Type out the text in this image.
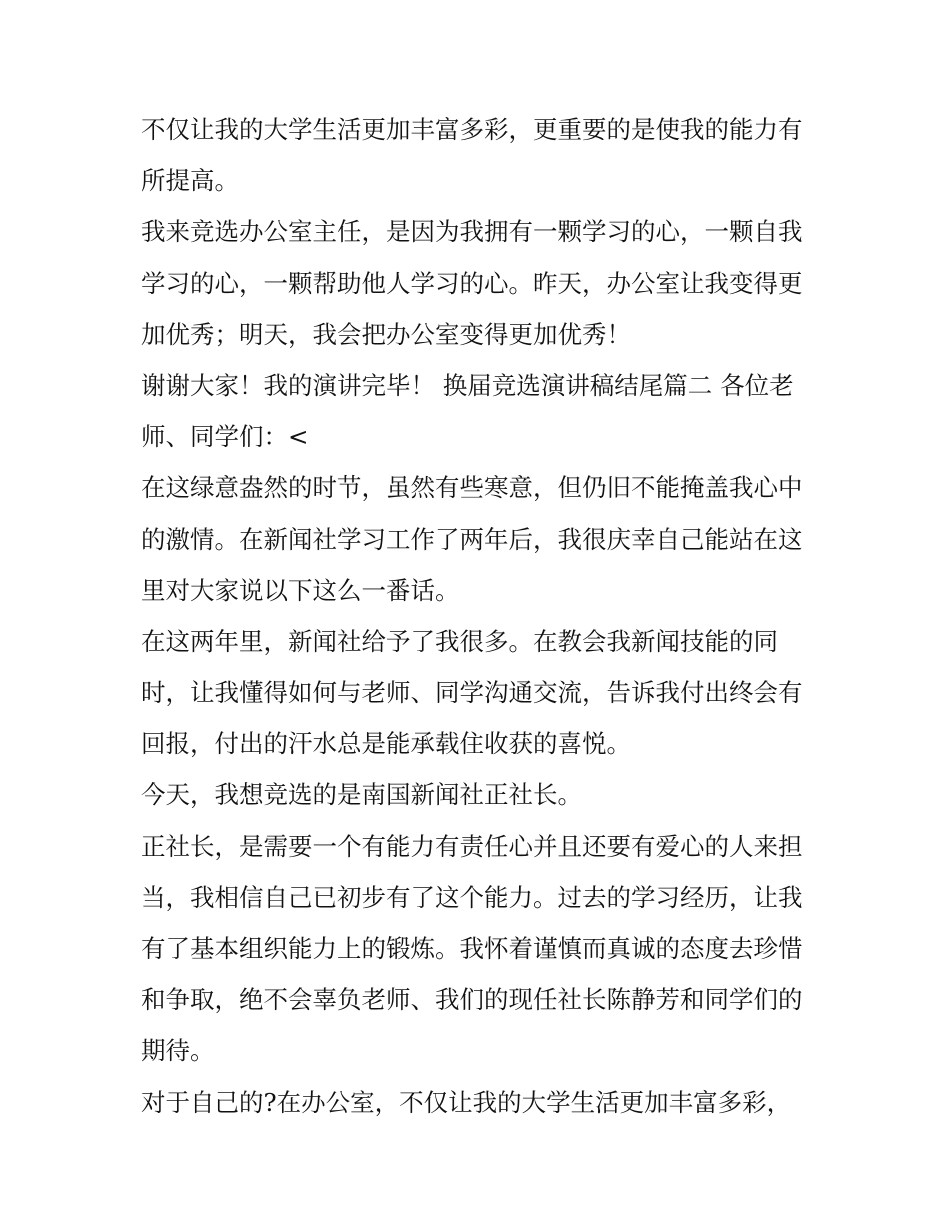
不仅让我的大学生活更加丰富多彩，更重要的是使我的能力有
所提高。
我来竞选办公室主任，是因为我拥有一颗学习的心，一颗自我
学习的心，一颗帮助他人学习的心。昨天，办公室让我变得更
加优秀；明天，我会把办公室变得更加优秀！
谢谢大家！我的演讲完毕！ 换届竞选演讲稿结尾篇二 各位老
师、同学们：<
在这绿意盎然的时节，虽然有些寒意，但仍旧不能掩盖我心中
的激情。在新闻社学习工作了两年后，我很庆幸自己能站在这
里对大家说以下这么一番话。
在这两年里，新闻社给予了我很多。在教会我新闻技能的同
时，让我懂得如何与老师、同学沟通交流，告诉我付出终会有
回报，付出的汗水总是能承载住收获的喜悦。
今天，我想竞选的是南国新闻社正社长。
正社长，是需要一个有能力有责任心并且还要有爱心的人来担
当，我相信自己已初步有了这个能力。过去的学习经历，让我
有了基本组织能力上的锻炼。我怀着谨慎而真诚的态度去珍惜
和争取，绝不会辜负老师、我们的现任社长陈静芳和同学们的
期待。
对于自己的?在办公室，不仅让我的大学生活更加丰富多彩，
